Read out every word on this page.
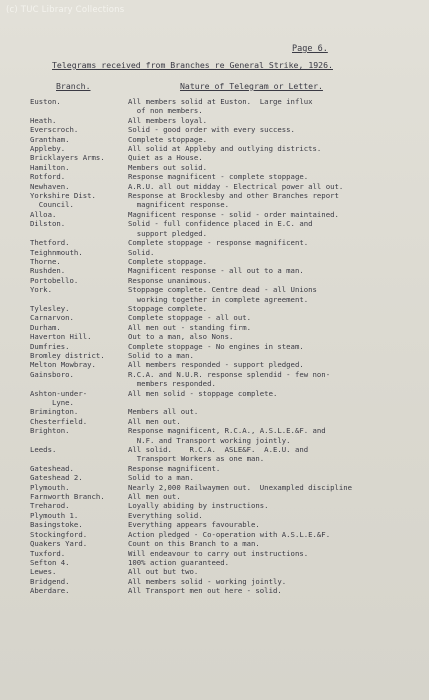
(c) TUC Library Collections
Page 6.
Telegrams received from Branches re General Strike, 1926.
Branch.	Nature of Telegram or Letter.
Euston.	All members solid at Euston.  Large influx
of non members.
Heath.	All members loyal.
Everscroch.	Solid - good order with every success.
Grantham.	Complete stoppage.
Appleby.	All solid at Appleby and outlying districts.
Bricklayers Arms.	Quiet as a House.
Hamilton.	Members out solid.
Rotford.	Response magnificent - complete stoppage.
Newhaven.	A.R.U. all out midday - Electrical power all out.
Yorkshire Dist.	Response at Brocklesby and other Branches report
Council.	magnificent response.
Alloa.	Magnificent response - solid - order maintained.
Dilston.	Solid - full confidence placed in E.C. and
support pledged.
Thetford.	Complete stoppage - response magnificent.
Teighnmouth.	Solid.
Thorne.	Complete stoppage.
Rushden.	Magnificent response - all out to a man.
Portobello.	Response unanimous.
York.	Stoppage complete. Centre dead - all Unions
working together in complete agreement.
Tylesley.	Stoppage complete.
Carnarvon.	Complete stoppage - all out.
Durham.	All men out - standing firm.
Haverton Hill.	Out to a man, also Nons.
Dumfries.	Complete stoppage - No engines in steam.
Bromley district.	Solid to a man.
Melton Mowbray.	All members responded - support pledged.
Gainsboro.	R.C.A. and N.U.R. response splendid - few non-
members responded.
Ashton-under-	All men solid - stoppage complete.
Lyne.
Brimington.	Members all out.
Chesterfield.	All men out.
Brighton.	Response magnificent, R.C.A., A.S.L.E.&F. and
N.F. and Transport working jointly.
Leeds.	All solid.    R.C.A.  ASLE&F.  A.E.U. and
Transport Workers as one man.
Gateshead.	Response magnificent.
Gateshead 2.	Solid to a man.
Plymouth.	Nearly 2,000 Railwaymen out.  Unexampled discipline
Farnworth Branch.	All men out.
Treharod.	Loyally abiding by instructions.
Plymouth 1.	Everything solid.
Basingstoke.	Everything appears favourable.
Stockingford.	Action pledged - Co-operation with A.S.L.E.&F.
Quakers Yard.	Count on this Branch to a man.
Tuxford.	Will endeavour to carry out instructions.
Sefton 4.	100% action guaranteed.
Lewes.	All out but two.
Bridgend.	All members solid - working jointly.
Aberdare.	All Transport men out here - solid.
